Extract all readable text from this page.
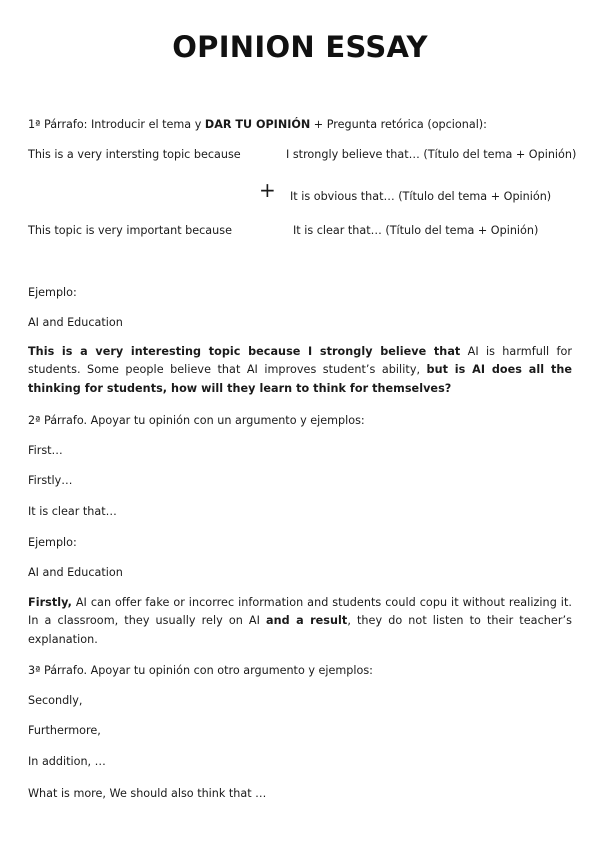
OPINION ESSAY
1ª Párrafo: Introducir el tema y DAR TU OPINIÓN + Pregunta retórica (opcional):
This is a very intersting topic because	I strongly believe that… (Título del tema + Opinión)
+ It is obvious that… (Título del tema + Opinión)
This topic is very important because	It is clear that… (Título del tema + Opinión)
Ejemplo:
AI and Education
This is a very interesting topic because I strongly believe that AI is harmfull for students. Some people believe that AI improves student’s ability, but is AI does all the thinking for students, how will they learn to think for themselves?
2ª Párrafo. Apoyar tu opinión con un argumento y ejemplos:
First…
Firstly…
It is clear that…
Ejemplo:
AI and Education
Firstly, AI can offer fake or incorrec information and students could copu it without realizing it. In a classroom, they usually rely on AI and a result, they do not listen to their teacher’s explanation.
3ª Párrafo. Apoyar tu opinión con otro argumento y ejemplos:
Secondly,
Furthermore,
In addition, …
What is more, We should also think that …
